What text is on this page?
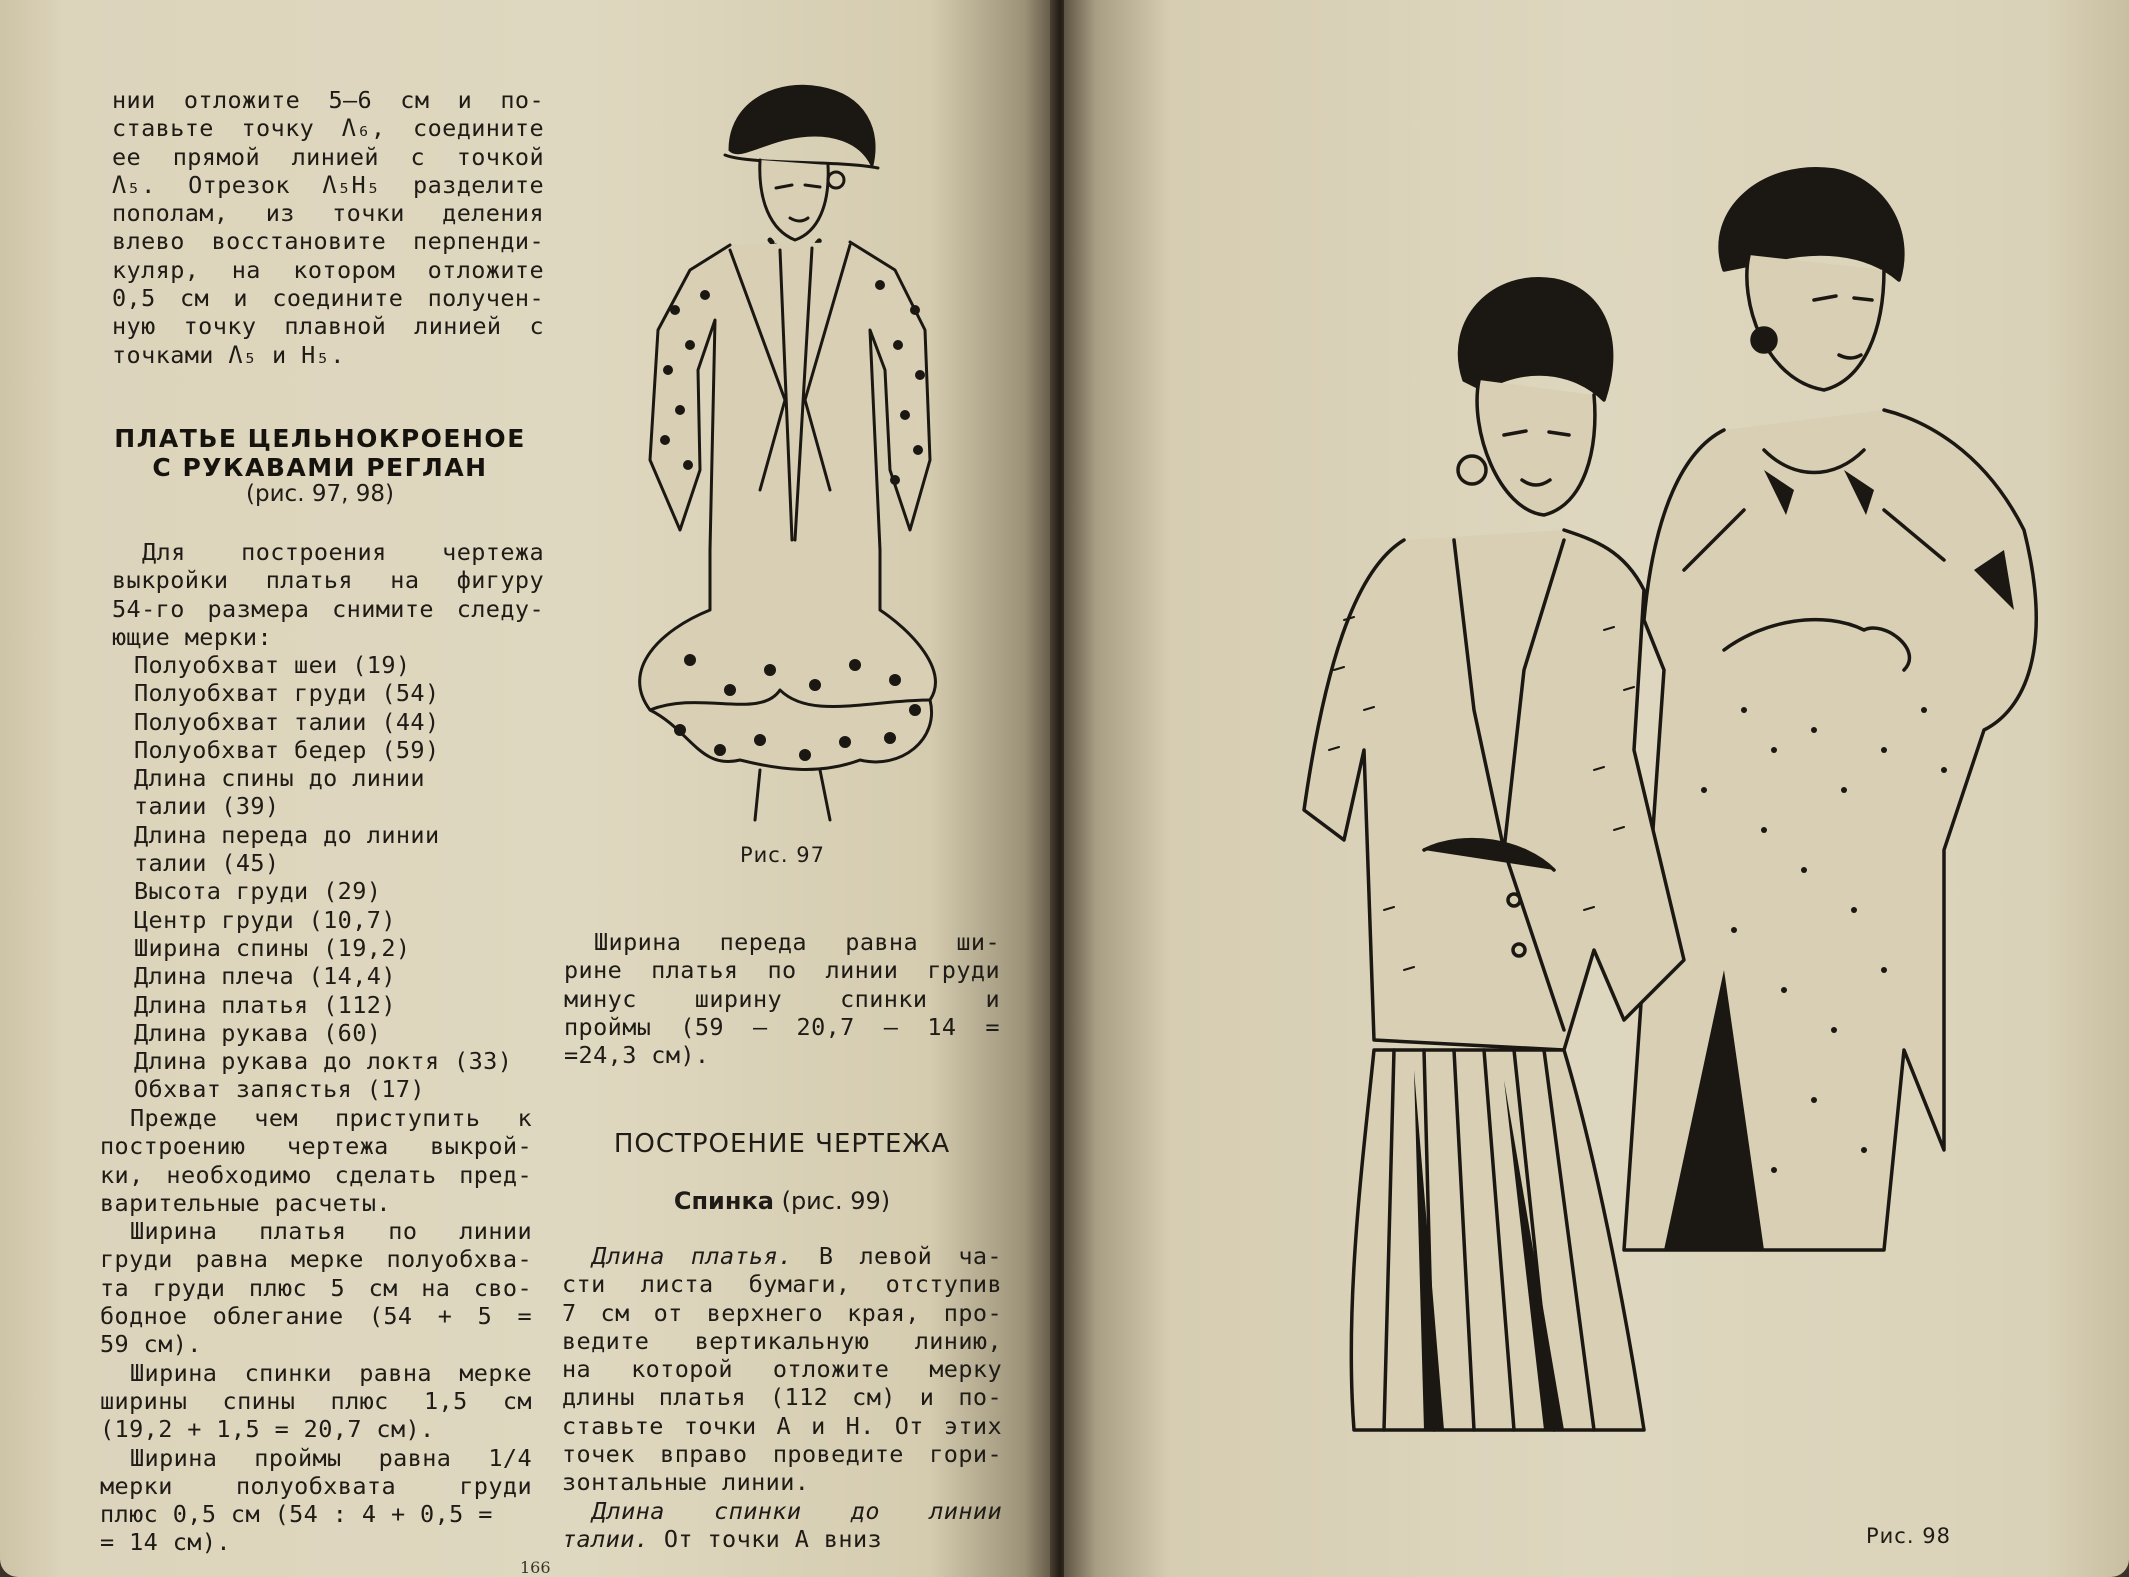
нии отложите 5—6 см и по-
ставьте точку Λ₆, соедините
ее прямой линией с точкой
Λ₅. Отрезок Λ₅H₅ разделите
пополам, из точки деления
влево восстановите перпенди-
куляр, на котором отложите
0,5 см и соедините получен-
ную точку плавной линией с
точками Λ₅ и H₅.
ПЛАТЬЕ ЦЕЛЬНОКРОЕНОЕ
С РУКАВАМИ РЕГЛАН
(рис. 97, 98)
Для построения чертежа
выкройки платья на фигуру
54-го размера снимите следу-
ющие мерки:
Полуобхват шеи (19)
Полуобхват груди (54)
Полуобхват талии (44)
Полуобхват бедер (59)
Длина спины до линии
талии (39)
Длина переда до линии
талии (45)
Высота груди (29)
Центр груди (10,7)
Ширина спины (19,2)
Длина плеча (14,4)
Длина платья (112)
Длина рукава (60)
Длина рукава до локтя (33)
Обхват запястья (17)
Прежде чем приступить к
построению чертежа выкрой-
ки, необходимо сделать пред-
варительные расчеты.
Ширина платья по линии
груди равна мерке полуобхва-
та груди плюс 5 см на сво-
бодное облегание (54 + 5 =
59 см).
Ширина спинки равна мерке
ширины спины плюс 1,5 см
(19,2 + 1,5 = 20,7 см).
Ширина проймы равна 1/4
мерки полуобхвата груди
плюс 0,5 см (54 : 4 + 0,5 =
= 14 см).
Рис. 97
Ширина переда равна ши-
рине платья по линии груди
минус ширину спинки и
проймы (59 – 20,7 – 14 =
=24,3 см).
ПОСТРОЕНИЕ ЧЕРТЕЖА
Спинка (рис. 99)
Длина платья. В левой ча-
сти листа бумаги, отступив
7 см от верхнего края, про-
ведите вертикальную линию,
на которой отложите мерку
длины платья (112 см) и по-
ставьте точки А и Н. От этих
точек вправо проведите гори-
зонтальные линии.
Длина спинки до линии
талии. От точки А вниз
166
Рис. 98
